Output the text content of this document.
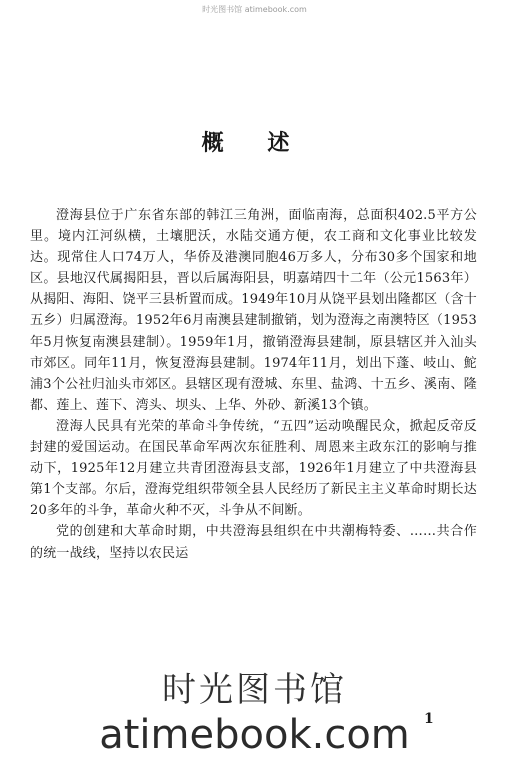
时光图书馆 atimebook.com
概 述

澄海县位于广东省东部的韩江三角洲，面临南海，总面积402.5平方公里。境内江河纵横，土壤肥沃，水陆交通方便，农工商和文化事业比较发达。现常住人口74万人，华侨及港澳同胞46万多人，分布30多个国家和地区。县地汉代属揭阳县，晋以后属海阳县，明嘉靖四十二年（公元1563年）从揭阳、海阳、饶平三县析置而成。1949年10月从饶平县划出隆都区（含十五乡）归属澄海。1952年6月南澳县建制撤销，划为澄海之南澳特区（1953年5月恢复南澳县建制）。1959年1月，撤销澄海县建制，原县辖区并入汕头市郊区。同年11月，恢复澄海县建制。1974年11月，划出下蓬、岐山、鮀浦3个公社归汕头市郊区。县辖区现有澄城、东里、盐鸿、十五乡、溪南、隆都、莲上、莲下、湾头、坝头、上华、外砂、新溪13个镇。

澄海人民具有光荣的革命斗争传统，“五四”运动唤醒民众，掀起反帝反封建的爱国运动。在国民革命军两次东征胜利、周恩来主政东江的影响与推动下，1925年12月建立共青团澄海县支部，1926年1月建立了中共澄海县第1个支部。尔后，澄海党组织带领全县人民经历了新民主主义革命时期长达20多年的斗争，革命火种不灭，斗争从不间断。

党的创建和大革命时期，中共澄海县组织在中共潮梅特委、……共合作的统一战线，坚持以农民运

1
时光图书馆
atimebook.com
